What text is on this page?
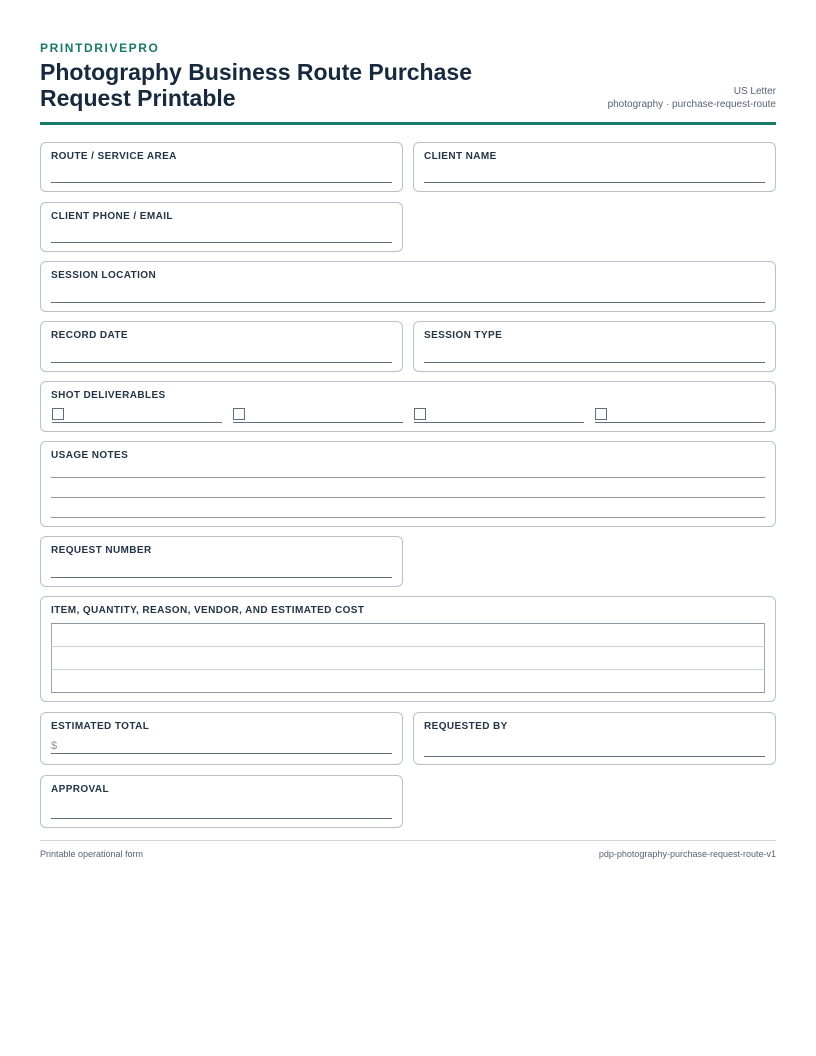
PRINTDRIVEPRO
Photography Business Route Purchase Request Printable	US Letter
photography · purchase-request-route
ROUTE / SERVICE AREA	CLIENT NAME
CLIENT PHONE / EMAIL
SESSION LOCATION
RECORD DATE	SESSION TYPE
SHOT DELIVERABLES
USAGE NOTES
REQUEST NUMBER
ITEM, QUANTITY, REASON, VENDOR, AND ESTIMATED COST

ESTIMATED TOTAL
$
REQUESTED BY
APPROVAL
Printable operational form	pdp-photography-purchase-request-route-v1
